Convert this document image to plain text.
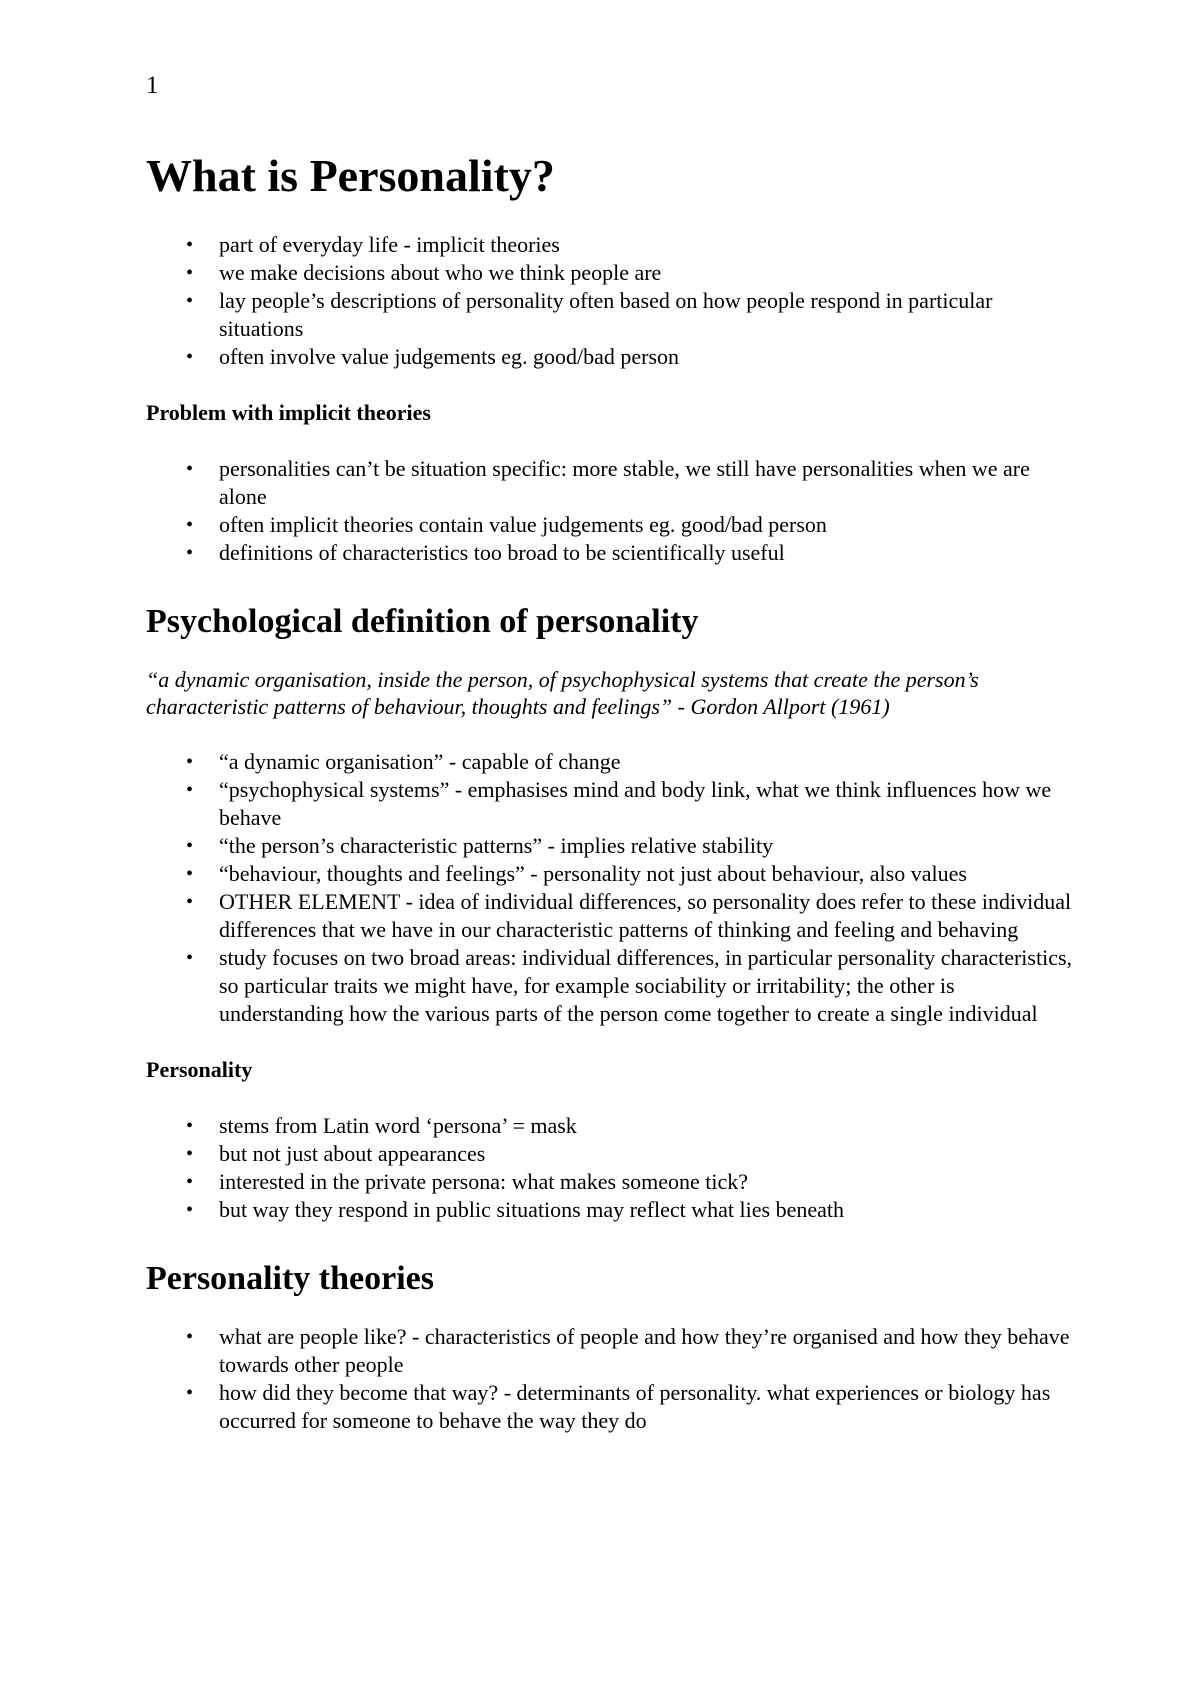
1
What is Personality?
• part of everyday life - implicit theories
• we make decisions about who we think people are
• lay people’s descriptions of personality often based on how people respond in particular situations
• often involve value judgements eg. good/bad person
Problem with implicit theories
• personalities can’t be situation specific: more stable, we still have personalities when we are alone
• often implicit theories contain value judgements eg. good/bad person
• definitions of characteristics too broad to be scientifically useful
Psychological definition of personality

“a dynamic organisation, inside the person, of psychophysical systems that create the person’s characteristic patterns of behaviour, thoughts and feelings” - Gordon Allport (1961)

• “a dynamic organisation” - capable of change
• “psychophysical systems” - emphasises mind and body link, what we think influences how we behave
• “the person’s characteristic patterns” - implies relative stability
• “behaviour, thoughts and feelings” - personality not just about behaviour, also values
• OTHER ELEMENT - idea of individual differences, so personality does refer to these individual differences that we have in our characteristic patterns of thinking and feeling and behaving
• study focuses on two broad areas: individual differences, in particular personality characteristics, so particular traits we might have, for example sociability or irritability; the other is understanding how the various parts of the person come together to create a single individual
Personality
• stems from Latin word ‘persona’ = mask
• but not just about appearances
• interested in the private persona: what makes someone tick?
• but way they respond in public situations may reflect what lies beneath
Personality theories
• what are people like? - characteristics of people and how they’re organised and how they behave towards other people
• how did they become that way? - determinants of personality. what experiences or biology has occurred for someone to behave the way they do
